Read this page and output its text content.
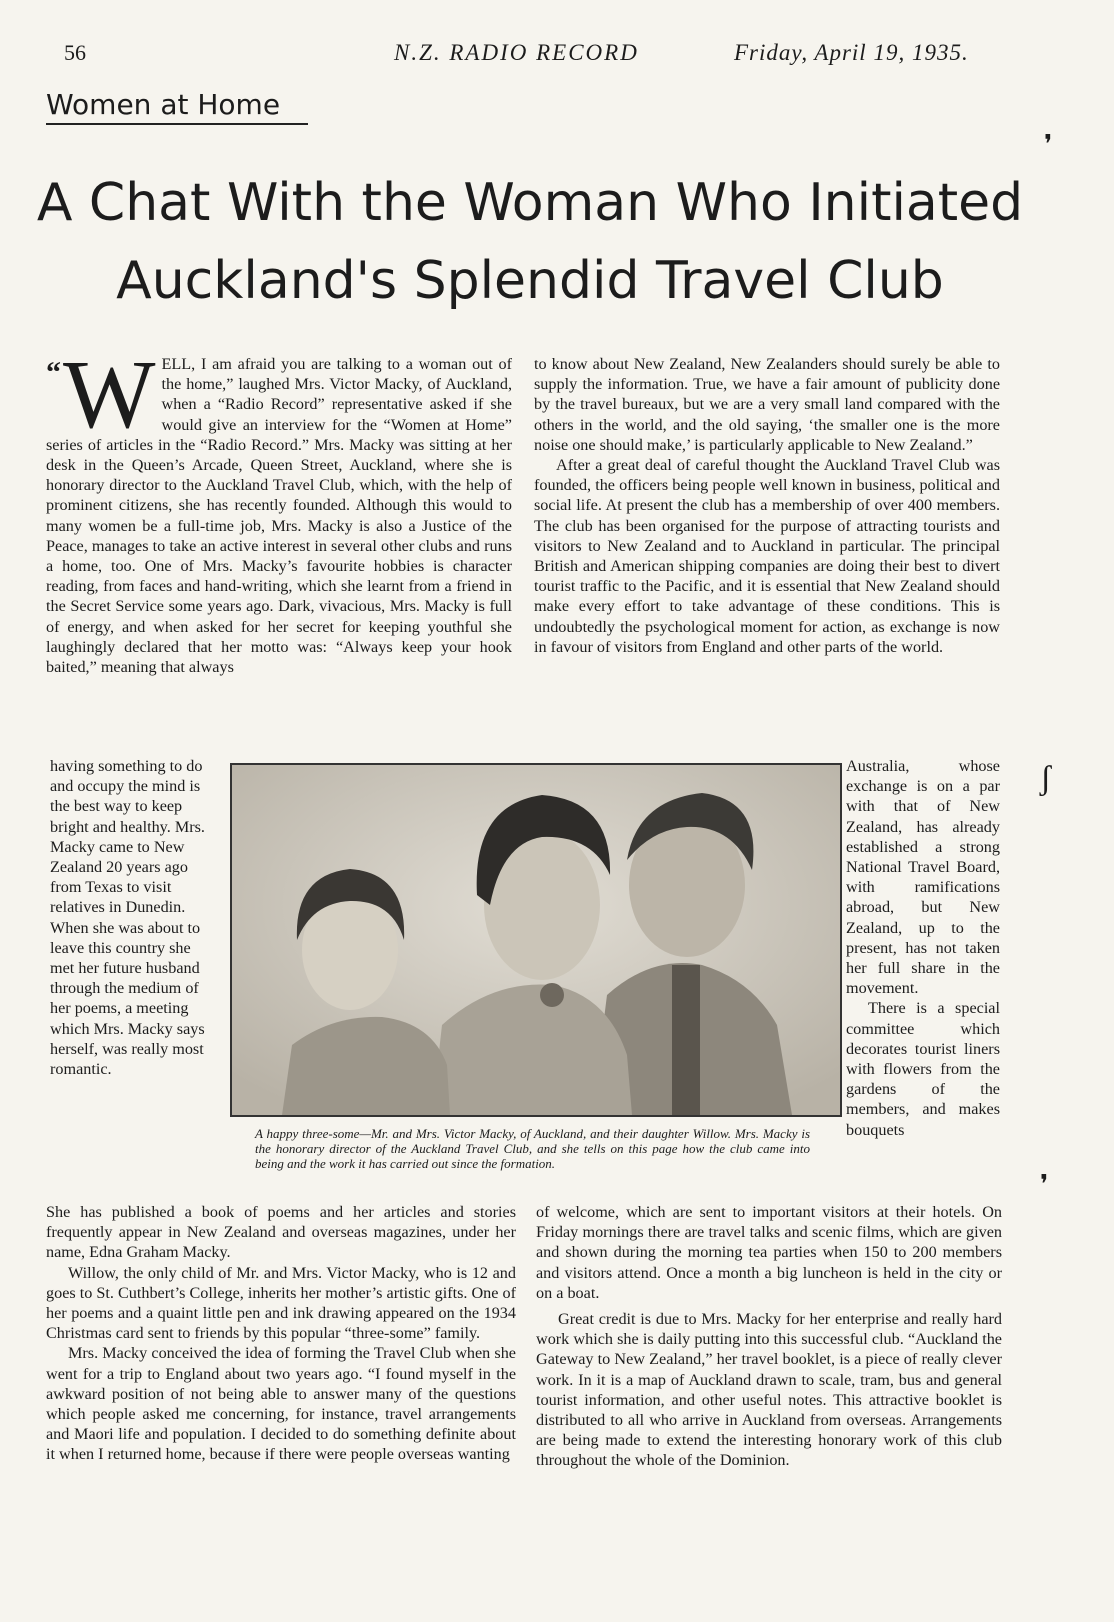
56	N.Z. RADIO RECORD	Friday, April 19, 1935.
Women at Home
A Chat With the Woman Who Initiated
Auckland's Splendid Travel Club
“ W ELL, I am afraid you are talking to a woman out of the home,” laughed Mrs. Victor Macky, of Auckland, when a “Radio Record” representative asked if she would give an interview for the “Women at Home” series of articles in the “Radio Record.” Mrs. Macky was sitting at her desk in the Queen’s Arcade, Queen Street, Auckland, where she is honorary director to the Auckland Travel Club, which, with the help of prominent citizens, she has recently founded. Although this would to many women be a full-time job, Mrs. Macky is also a Justice of the Peace, manages to take an active interest in several other clubs and runs a home, too. One of Mrs. Macky’s favourite hobbies is character reading, from faces and hand-writing, which she learnt from a friend in the Secret Service some years ago. Dark, vivacious, Mrs. Macky is full of energy, and when asked for her secret for keeping youthful she laughingly declared that her motto was: “Always keep your hook baited,” meaning that always

having something to do and occupy the mind is the best way to keep bright and healthy. Mrs. Macky came to New Zealand 20 years ago from Texas to visit relatives in Dunedin. When she was about to leave this country she met her future husband through the medium of her poems, a meeting which Mrs. Macky says herself, was really most romantic.

She has published a book of poems and her articles and stories frequently appear in New Zealand and overseas magazines, under her name, Edna Graham Macky.

Willow, the only child of Mr. and Mrs. Victor Macky, who is 12 and goes to St. Cuthbert’s College, inherits her mother’s artistic gifts. One of her poems and a quaint little pen and ink drawing appeared on the 1934 Christmas card sent to friends by this popular “three-some” family.

Mrs. Macky conceived the idea of forming the Travel Club when she went for a trip to England about two years ago. “I found myself in the awkward position of not being able to answer many of the questions which people asked me concerning, for instance, travel arrangements and Maori life and population. I decided to do something definite about it when I returned home, because if there were people overseas wanting

to know about New Zealand, New Zealanders should surely be able to supply the information. True, we have a fair amount of publicity done by the travel bureaux, but we are a very small land compared with the others in the world, and the old saying, ‘the smaller one is the more noise one should make,’ is particularly applicable to New Zealand.”

After a great deal of careful thought the Auckland Travel Club was founded, the officers being people well known in business, political and social life. At present the club has a membership of over 400 members. The club has been organised for the purpose of attracting tourists and visitors to New Zealand and to Auckland in particular. The principal British and American shipping companies are doing their best to divert tourist traffic to the Pacific, and it is essential that New Zealand should make every effort to take advantage of these conditions. This is undoubtedly the psychological moment for action, as exchange is now in favour of visitors from England and other parts of the world.

Australia, whose exchange is on a par with that of New Zealand, has already established a strong National Travel Board, with ramifications abroad, but New Zealand, up to the present, has not taken her full share in the movement.

There is a special committee which decorates tourist liners with flowers from the gardens of the members, and makes bouquets

of welcome, which are sent to important visitors at their hotels. On Friday mornings there are travel talks and scenic films, which are given and shown during the morning tea parties when 150 to 200 members and visitors attend. Once a month a big luncheon is held in the city or on a boat.

Great credit is due to Mrs. Macky for her enterprise and really hard work which she is daily putting into this successful club. “Auckland the Gateway to New Zealand,” her travel booklet, is a piece of really clever work. In it is a map of Auckland drawn to scale, tram, bus and general tourist information, and other useful notes. This attractive booklet is distributed to all who arrive in Auckland from overseas. Arrangements are being made to extend the interesting honorary work of this club throughout the whole of the Dominion.

A happy three-some—Mr. and Mrs. Victor Macky, of Auckland, and their daughter Willow. Mrs. Macky is the honorary director of the Auckland Travel Club, and she tells on this page how the club came into being and the work it has carried out since the formation.
❜
ʃ
❜
